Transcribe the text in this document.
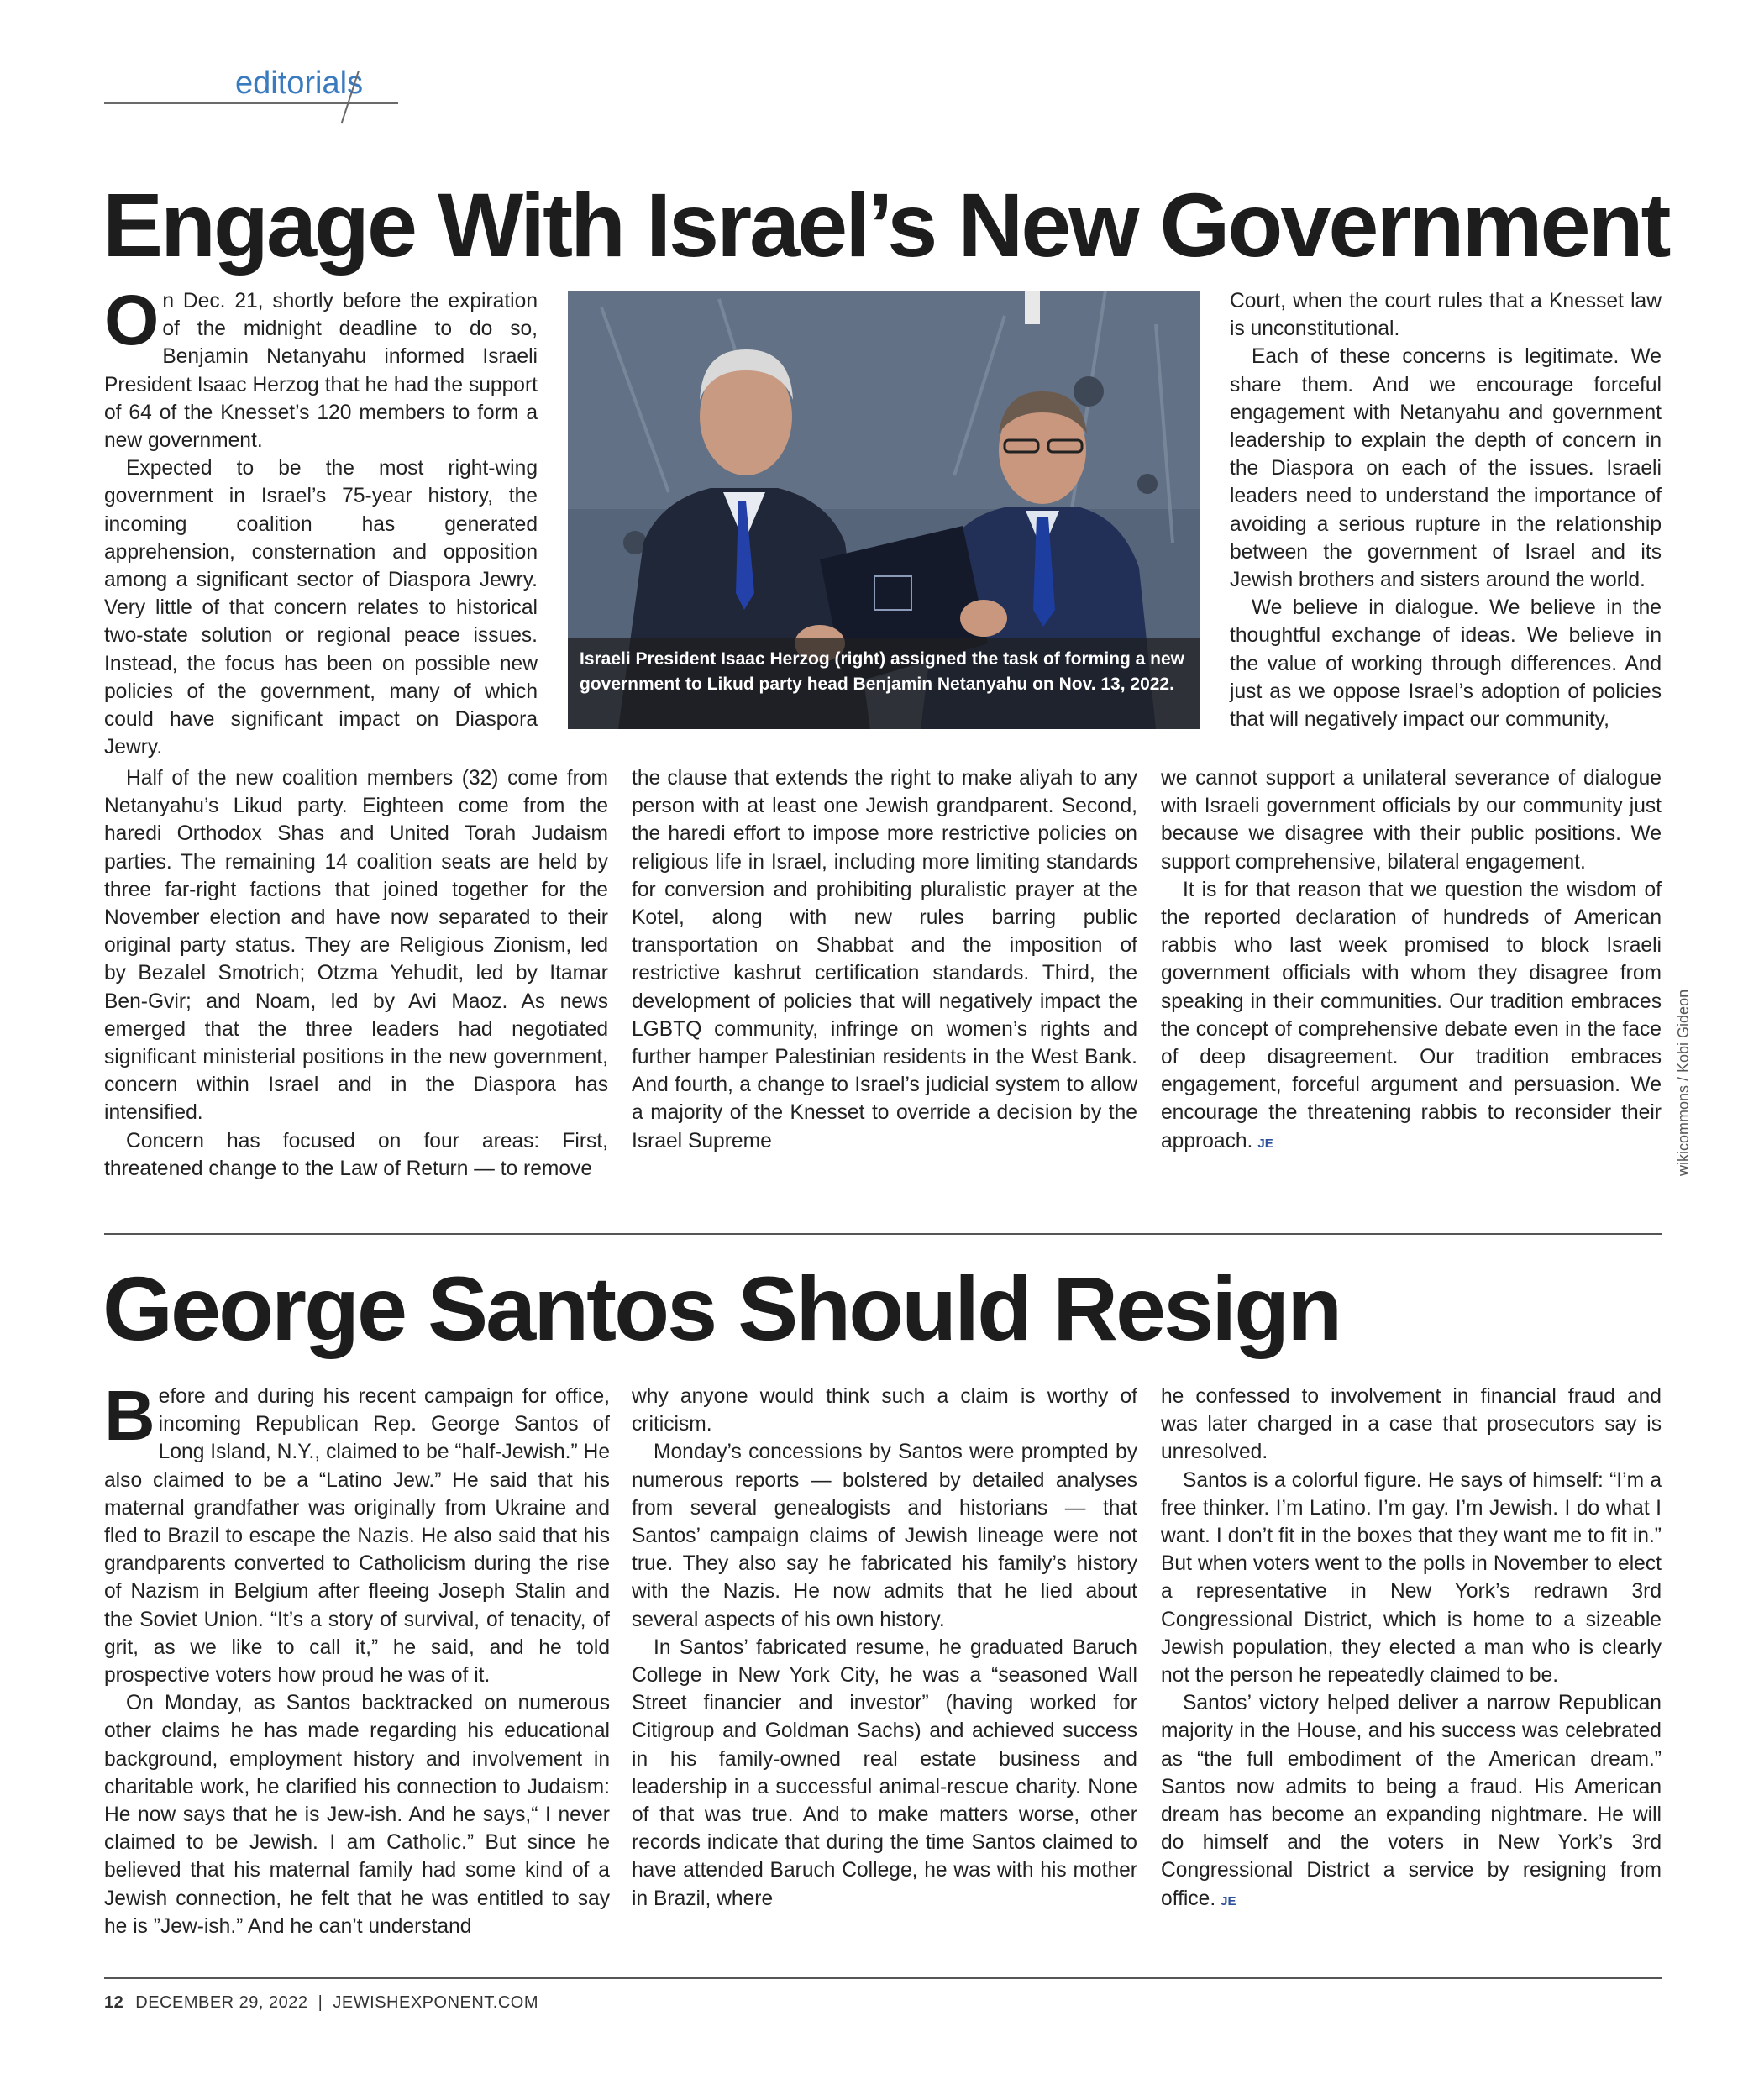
editorials
Engage With Israel’s New Government

On Dec. 21, shortly before the expiration of the midnight deadline to do so, Benjamin Netanyahu informed Israeli President Isaac Herzog that he had the support of 64 of the Knesset’s 120 members to form a new government.

Expected to be the most right-wing government in Israel’s 75-year history, the incoming coalition has generated apprehension, consternation and opposition among a significant sector of Diaspora Jewry. Very little of that concern relates to historical two-state solution or regional peace issues. Instead, the focus has been on possible new policies of the government, many of which could have significant impact on Diaspora Jewry.

Half of the new coalition members (32) come from Netanyahu’s Likud party. Eighteen come from the haredi Orthodox Shas and United Torah Judaism parties. The remaining 14 coalition seats are held by three far-right factions that joined together for the November election and have now separated to their original party status. They are Religious Zionism, led by Bezalel Smotrich; Otzma Yehudit, led by Itamar Ben-Gvir; and Noam, led by Avi Maoz. As news emerged that the three leaders had negotiated significant ministerial positions in the new government, concern within Israel and in the Diaspora has intensified.

Concern has focused on four areas: First, threatened change to the Law of Return — to remove

the clause that extends the right to make aliyah to any person with at least one Jewish grandparent. Second, the haredi effort to impose more restrictive policies on religious life in Israel, including more limiting standards for conversion and prohibiting pluralistic prayer at the Kotel, along with new rules barring public transportation on Shabbat and the imposition of restrictive kashrut certification standards. Third, the development of policies that will negatively impact the LGBTQ community, infringe on women’s rights and further hamper Palestinian residents in the West Bank. And fourth, a change to Israel’s judicial system to allow a majority of the Knesset to override a decision by the Israel Supreme

Court, when the court rules that a Knesset law is unconstitutional.

Each of these concerns is legitimate. We share them. And we encourage forceful engagement with Netanyahu and government leadership to explain the depth of concern in the Diaspora on each of the issues. Israeli leaders need to understand the importance of avoiding a serious rupture in the relationship between the government of Israel and its Jewish brothers and sisters around the world.

We believe in dialogue. We believe in the thoughtful exchange of ideas. We believe in the value of working through differences. And just as we oppose Israel’s adoption of policies that will negatively impact our community,

we cannot support a unilateral severance of dialogue with Israeli government officials by our community just because we disagree with their public positions. We support comprehensive, bilateral engagement.

It is for that reason that we question the wisdom of the reported declaration of hundreds of American rabbis who last week promised to block Israeli government officials with whom they disagree from speaking in their communities. Our tradition embraces the concept of comprehensive debate even in the face of deep disagreement. Our tradition embraces engagement, forceful argument and persuasion. We encourage the threatening rabbis to reconsider their approach. JE

Israeli President Isaac Herzog (right) assigned the task of forming a new government to Likud party head Benjamin Netanyahu on Nov. 13, 2022.
wikicommons / Kobi Gideon
George Santos Should Resign

Before and during his recent campaign for office, incoming Republican Rep. George Santos of Long Island, N.Y., claimed to be “half-Jewish.” He also claimed to be a “Latino Jew.” He said that his maternal grandfather was originally from Ukraine and fled to Brazil to escape the Nazis. He also said that his grandparents converted to Catholicism during the rise of Nazism in Belgium after fleeing Joseph Stalin and the Soviet Union. “It’s a story of survival, of tenacity, of grit, as we like to call it,” he said, and he told prospective voters how proud he was of it.

On Monday, as Santos backtracked on numerous other claims he has made regarding his educational background, employment history and involvement in charitable work, he clarified his connection to Judaism: He now says that he is Jew-ish. And he says,“ I never claimed to be Jewish. I am Catholic.” But since he believed that his maternal family had some kind of a Jewish connection, he felt that he was entitled to say he is ”Jew-ish.” And he can’t understand

why anyone would think such a claim is worthy of criticism.

Monday’s concessions by Santos were prompted by numerous reports — bolstered by detailed analyses from several genealogists and historians — that Santos’ campaign claims of Jewish lineage were not true. They also say he fabricated his family’s history with the Nazis. He now admits that he lied about several aspects of his own history.

In Santos’ fabricated resume, he graduated Baruch College in New York City, he was a “seasoned Wall Street financier and investor” (having worked for Citigroup and Goldman Sachs) and achieved success in his family-owned real estate business and leadership in a successful animal-rescue charity. None of that was true. And to make matters worse, other records indicate that during the time Santos claimed to have attended Baruch College, he was with his mother in Brazil, where

he confessed to involvement in financial fraud and was later charged in a case that prosecutors say is unresolved.

Santos is a colorful figure. He says of himself: “I’m a free thinker. I’m Latino. I’m gay. I’m Jewish. I do what I want. I don’t fit in the boxes that they want me to fit in.” But when voters went to the polls in November to elect a representative in New York’s redrawn 3rd Congressional District, which is home to a sizeable Jewish population, they elected a man who is clearly not the person he repeatedly claimed to be.

Santos’ victory helped deliver a narrow Republican majority in the House, and his success was celebrated as “the full embodiment of the American dream.” Santos now admits to being a fraud. His American dream has become an expanding nightmare. He will do himself and the voters in New York’s 3rd Congressional District a service by resigning from office. JE

12 DECEMBER 29, 2022  |  JEWISHEXPONENT.COM
